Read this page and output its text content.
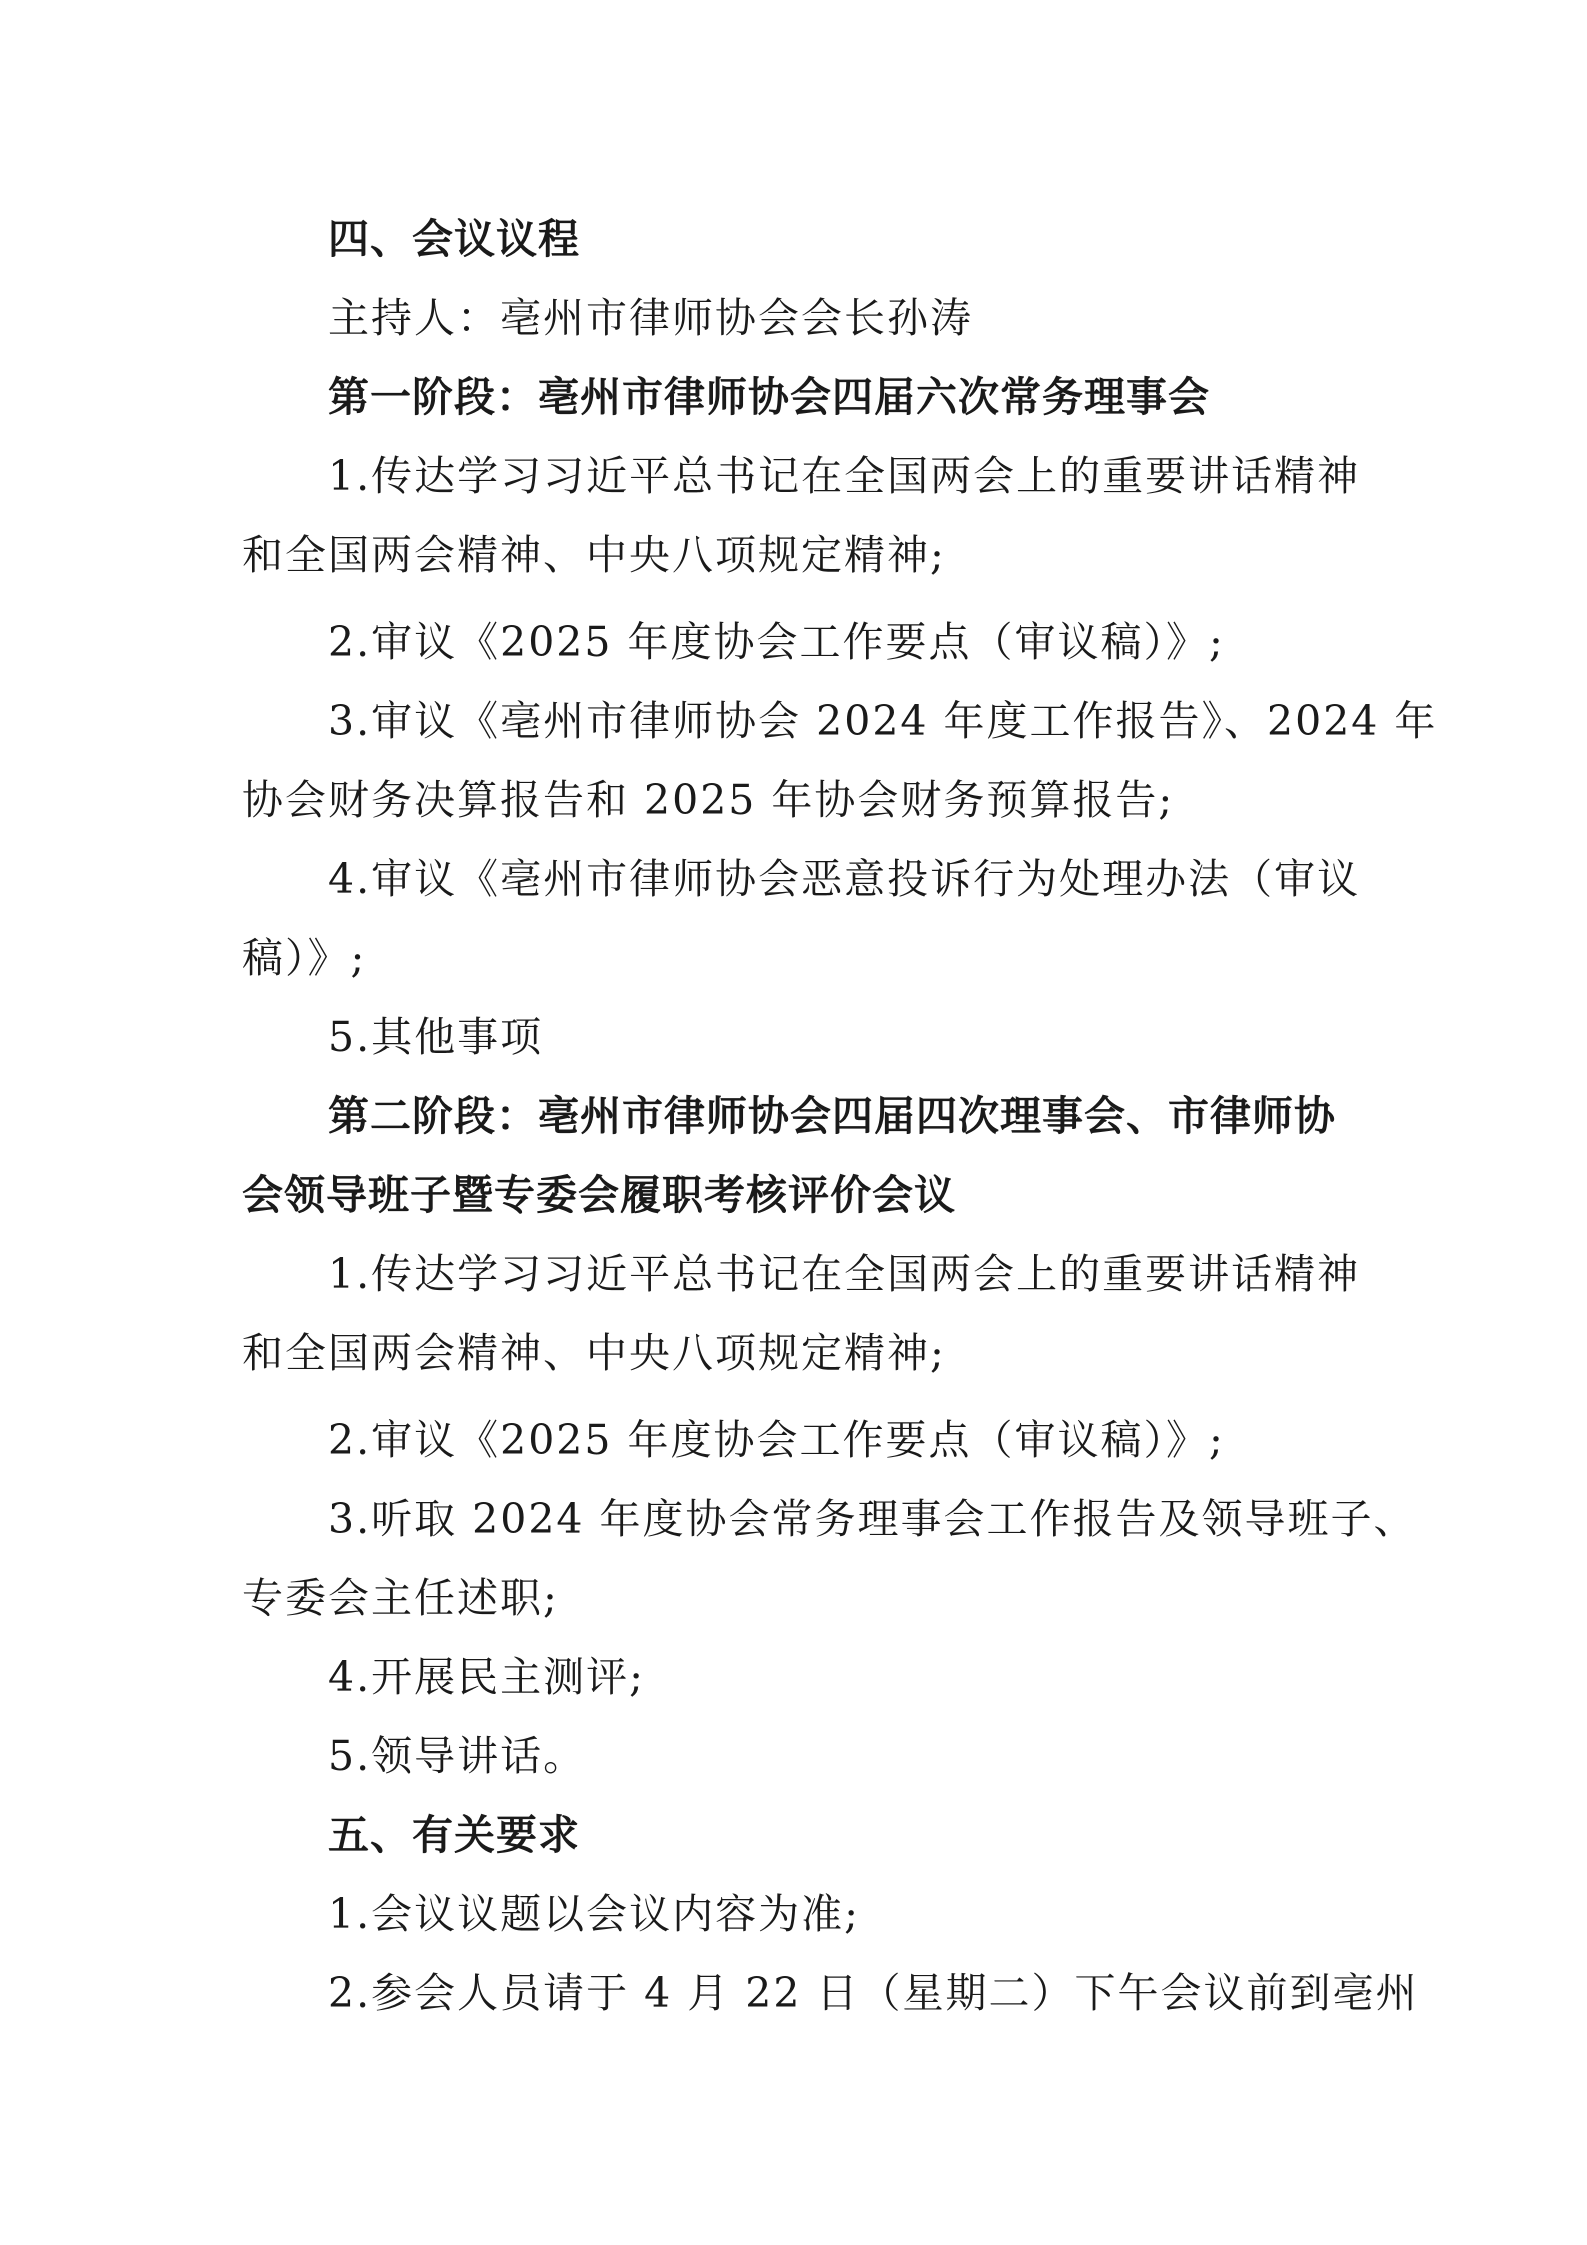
四、会议议程

主持人：亳州市律师协会会长孙涛

第一阶段：亳州市律师协会四届六次常务理事会

1.传达学习习近平总书记在全国两会上的重要讲话精神

和全国两会精神、中央八项规定精神;

2.审议《2025 年度协会工作要点（审议稿）》;

3.审议《亳州市律师协会 2024 年度工作报告》、2024 年

协会财务决算报告和 2025 年协会财务预算报告;

4.审议《亳州市律师协会恶意投诉行为处理办法（审议

稿）》;

5.其他事项

第二阶段：亳州市律师协会四届四次理事会、市律师协

会领导班子暨专委会履职考核评价会议

1.传达学习习近平总书记在全国两会上的重要讲话精神

和全国两会精神、中央八项规定精神;

2.审议《2025 年度协会工作要点（审议稿）》;

3.听取 2024 年度协会常务理事会工作报告及领导班子、

专委会主任述职;

4.开展民主测评;

5.领导讲话。

五、有关要求

1.会议议题以会议内容为准;

2.参会人员请于 4 月 22 日（星期二）下午会议前到亳州
